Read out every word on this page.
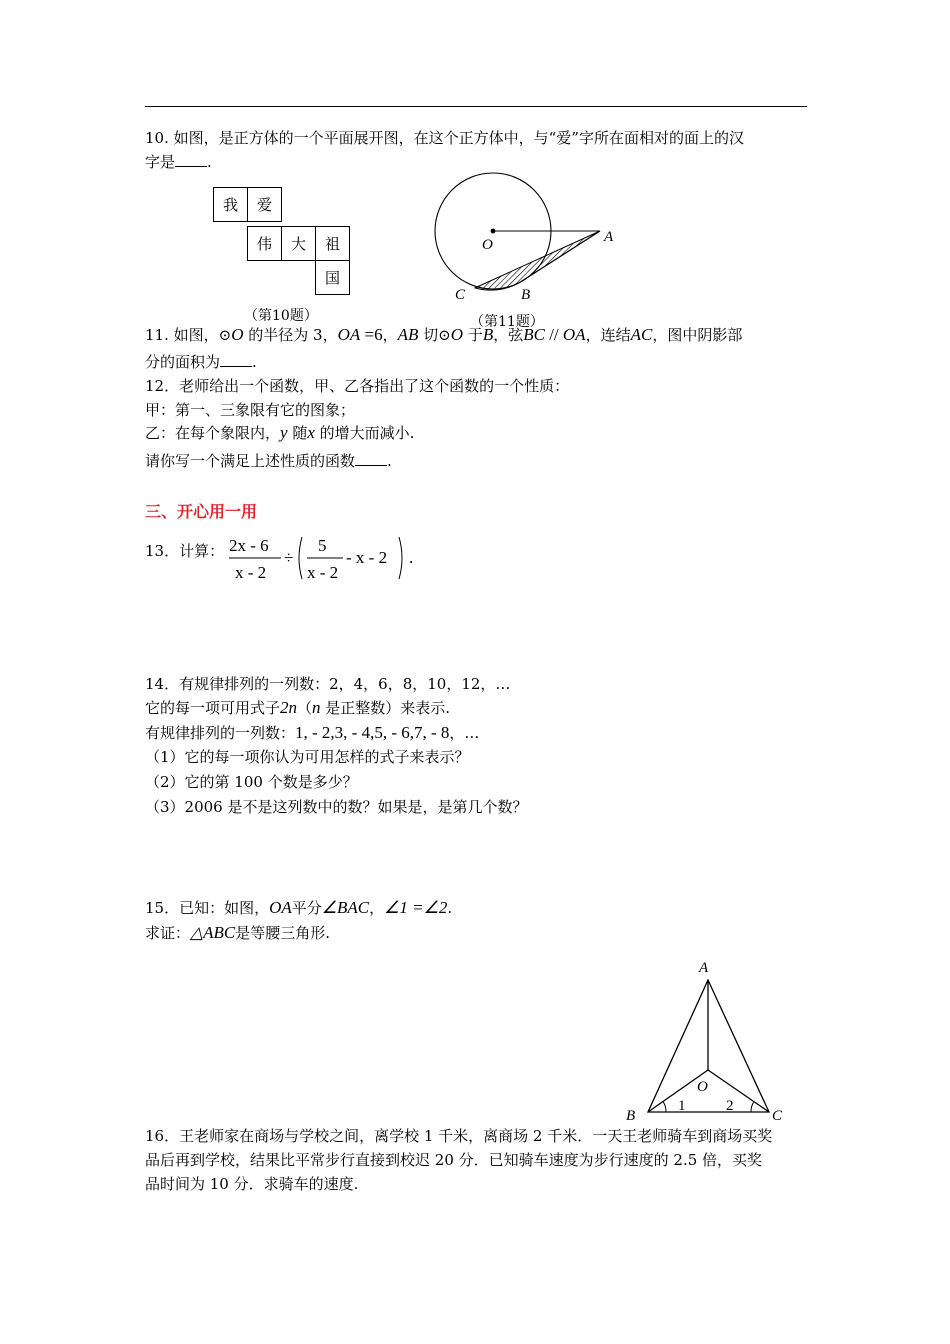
10. 如图，是正方体的一个平面展开图，在这个正方体中，与“爱”字所在面相对的面上的汉
字是 .
我 爱
伟 大 祖
国
（第10题）
O	A
B
C
（第11题）
11. 如图，⊙O 的半径为 3，OA =6，AB 切⊙O 于B，弦BC // OA，连结AC，图中阴影部
分的面积为 .
12．老师给出一个函数，甲、乙各指出了这个函数的一个性质：
甲：第一、三象限有它的图象；
乙：在每个象限内，y 随x 的增大而减小.
请你写一个满足上述性质的函数 .
三、开心用一用
13．计算： 2x - 6
x - 2
÷
5
x - 2
- x - 2 .
14．有规律排列的一列数：2，4，6，8，10，12，…
它的每一项可用式子2n（n 是正整数）来表示.
有规律排列的一列数：1, - 2,3, - 4,5, - 6,7, - 8，…
（1）它的每一项你认为可用怎样的式子来表示？
（2）它的第 100 个数是多少？
（3）2006 是不是这列数中的数？如果是，是第几个数？
15．已知：如图，OA平分∠BAC，∠1 =∠2.
求证：△ABC是等腰三角形.
A
B	C
O
1	2
16．王老师家在商场与学校之间，离学校 1 千米，离商场 2 千米．一天王老师骑车到商场买奖
品后再到学校，结果比平常步行直接到校迟 20 分．已知骑车速度为步行速度的 2.5 倍，买奖
品时间为 10 分．求骑车的速度.
